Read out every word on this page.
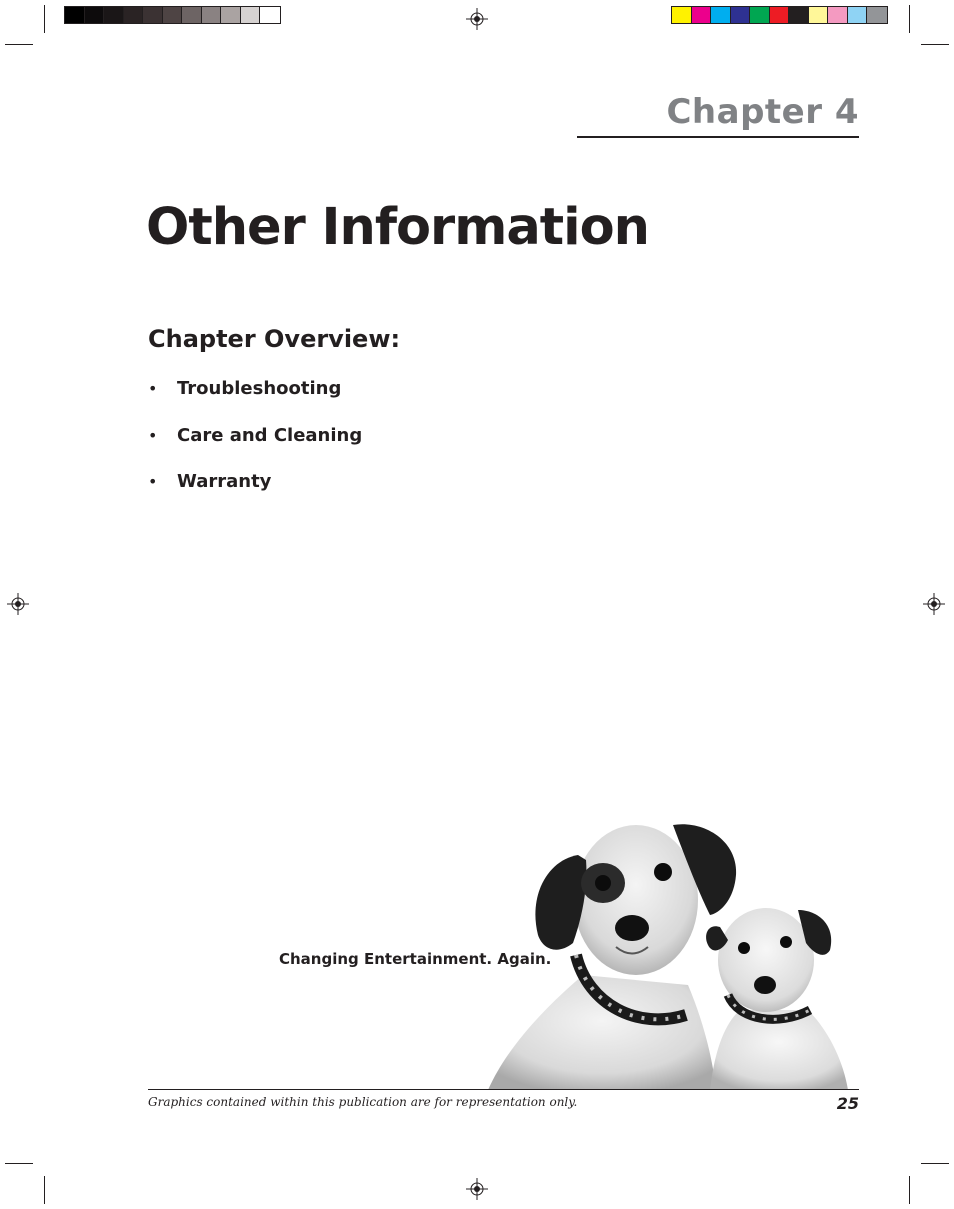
Chapter 4
Other Information
Chapter Overview:
•	Troubleshooting
•	Care and Cleaning
•	Warranty
Changing Entertainment. Again.
Graphics contained within this publication are for representation only.	25
